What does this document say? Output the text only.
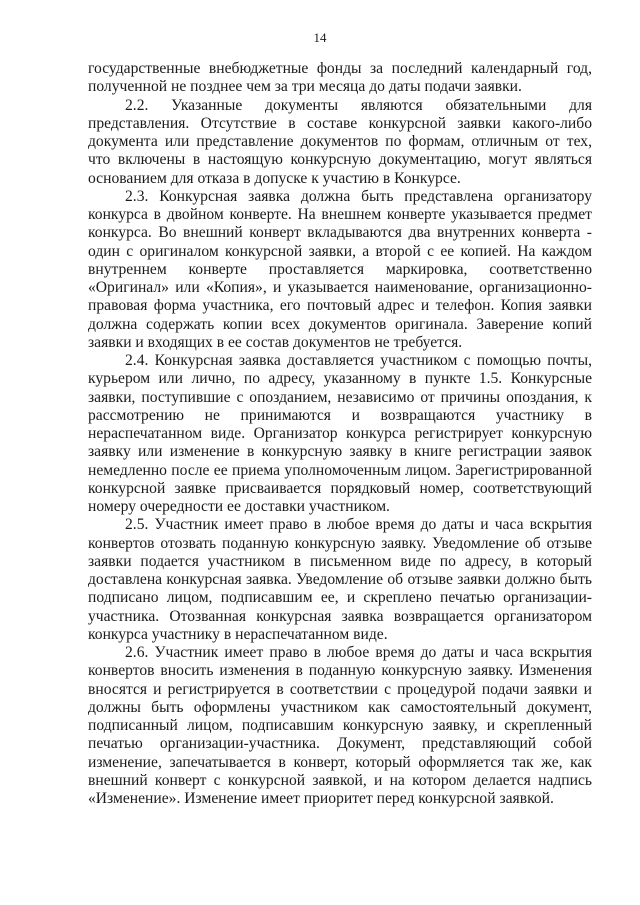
14

государственные внебюджетные фонды за последний календарный год, полученной не позднее чем за три месяца до даты подачи заявки.

2.2. Указанные документы являются обязательными для представления. Отсутствие в составе конкурсной заявки какого-либо документа или представление документов по формам, отличным от тех, что включены в настоящую конкурсную документацию, могут являться основанием для отказа в допуске к участию в Конкурсе.

2.3. Конкурсная заявка должна быть представлена организатору конкурса в двойном конверте. На внешнем конверте указывается предмет конкурса. Во внешний конверт вкладываются два внутренних конверта - один с оригиналом конкурсной заявки, а второй с ее копией. На каждом внутреннем конверте проставляется маркировка, соответственно «Оригинал» или «Копия», и указывается наименование, организационно-правовая форма участника, его почтовый адрес и телефон. Копия заявки должна содержать копии всех документов оригинала. Заверение копий заявки и входящих в ее состав документов не требуется.

2.4. Конкурсная заявка доставляется участником с помощью почты, курьером или лично, по адресу, указанному в пункте 1.5. Конкурсные заявки, поступившие с опозданием, независимо от причины опоздания, к рассмотрению не принимаются и возвращаются участнику в нераспечатанном виде. Организатор конкурса регистрирует конкурсную заявку или изменение в конкурсную заявку в книге регистрации заявок немедленно после ее приема уполномоченным лицом. Зарегистрированной конкурсной заявке присваивается порядковый номер, соответствующий номеру очередности ее доставки участником.

2.5. Участник имеет право в любое время до даты и часа вскрытия конвертов отозвать поданную конкурсную заявку. Уведомление об отзыве заявки подается участником в письменном виде по адресу, в который доставлена конкурсная заявка. Уведомление об отзыве заявки должно быть подписано лицом, подписавшим ее, и скреплено печатью организации-участника. Отозванная конкурсная заявка возвращается организатором конкурса участнику в нераспечатанном виде.

2.6. Участник имеет право в любое время до даты и часа вскрытия конвертов вносить изменения в поданную конкурсную заявку. Изменения вносятся и регистрируется в соответствии с процедурой подачи заявки и должны быть оформлены участником как самостоятельный документ, подписанный лицом, подписавшим конкурсную заявку, и скрепленный печатью организации-участника. Документ, представляющий собой изменение, запечатывается в конверт, который оформляется так же, как внешний конверт с конкурсной заявкой, и на котором делается надпись «Изменение». Изменение имеет приоритет перед конкурсной заявкой.
